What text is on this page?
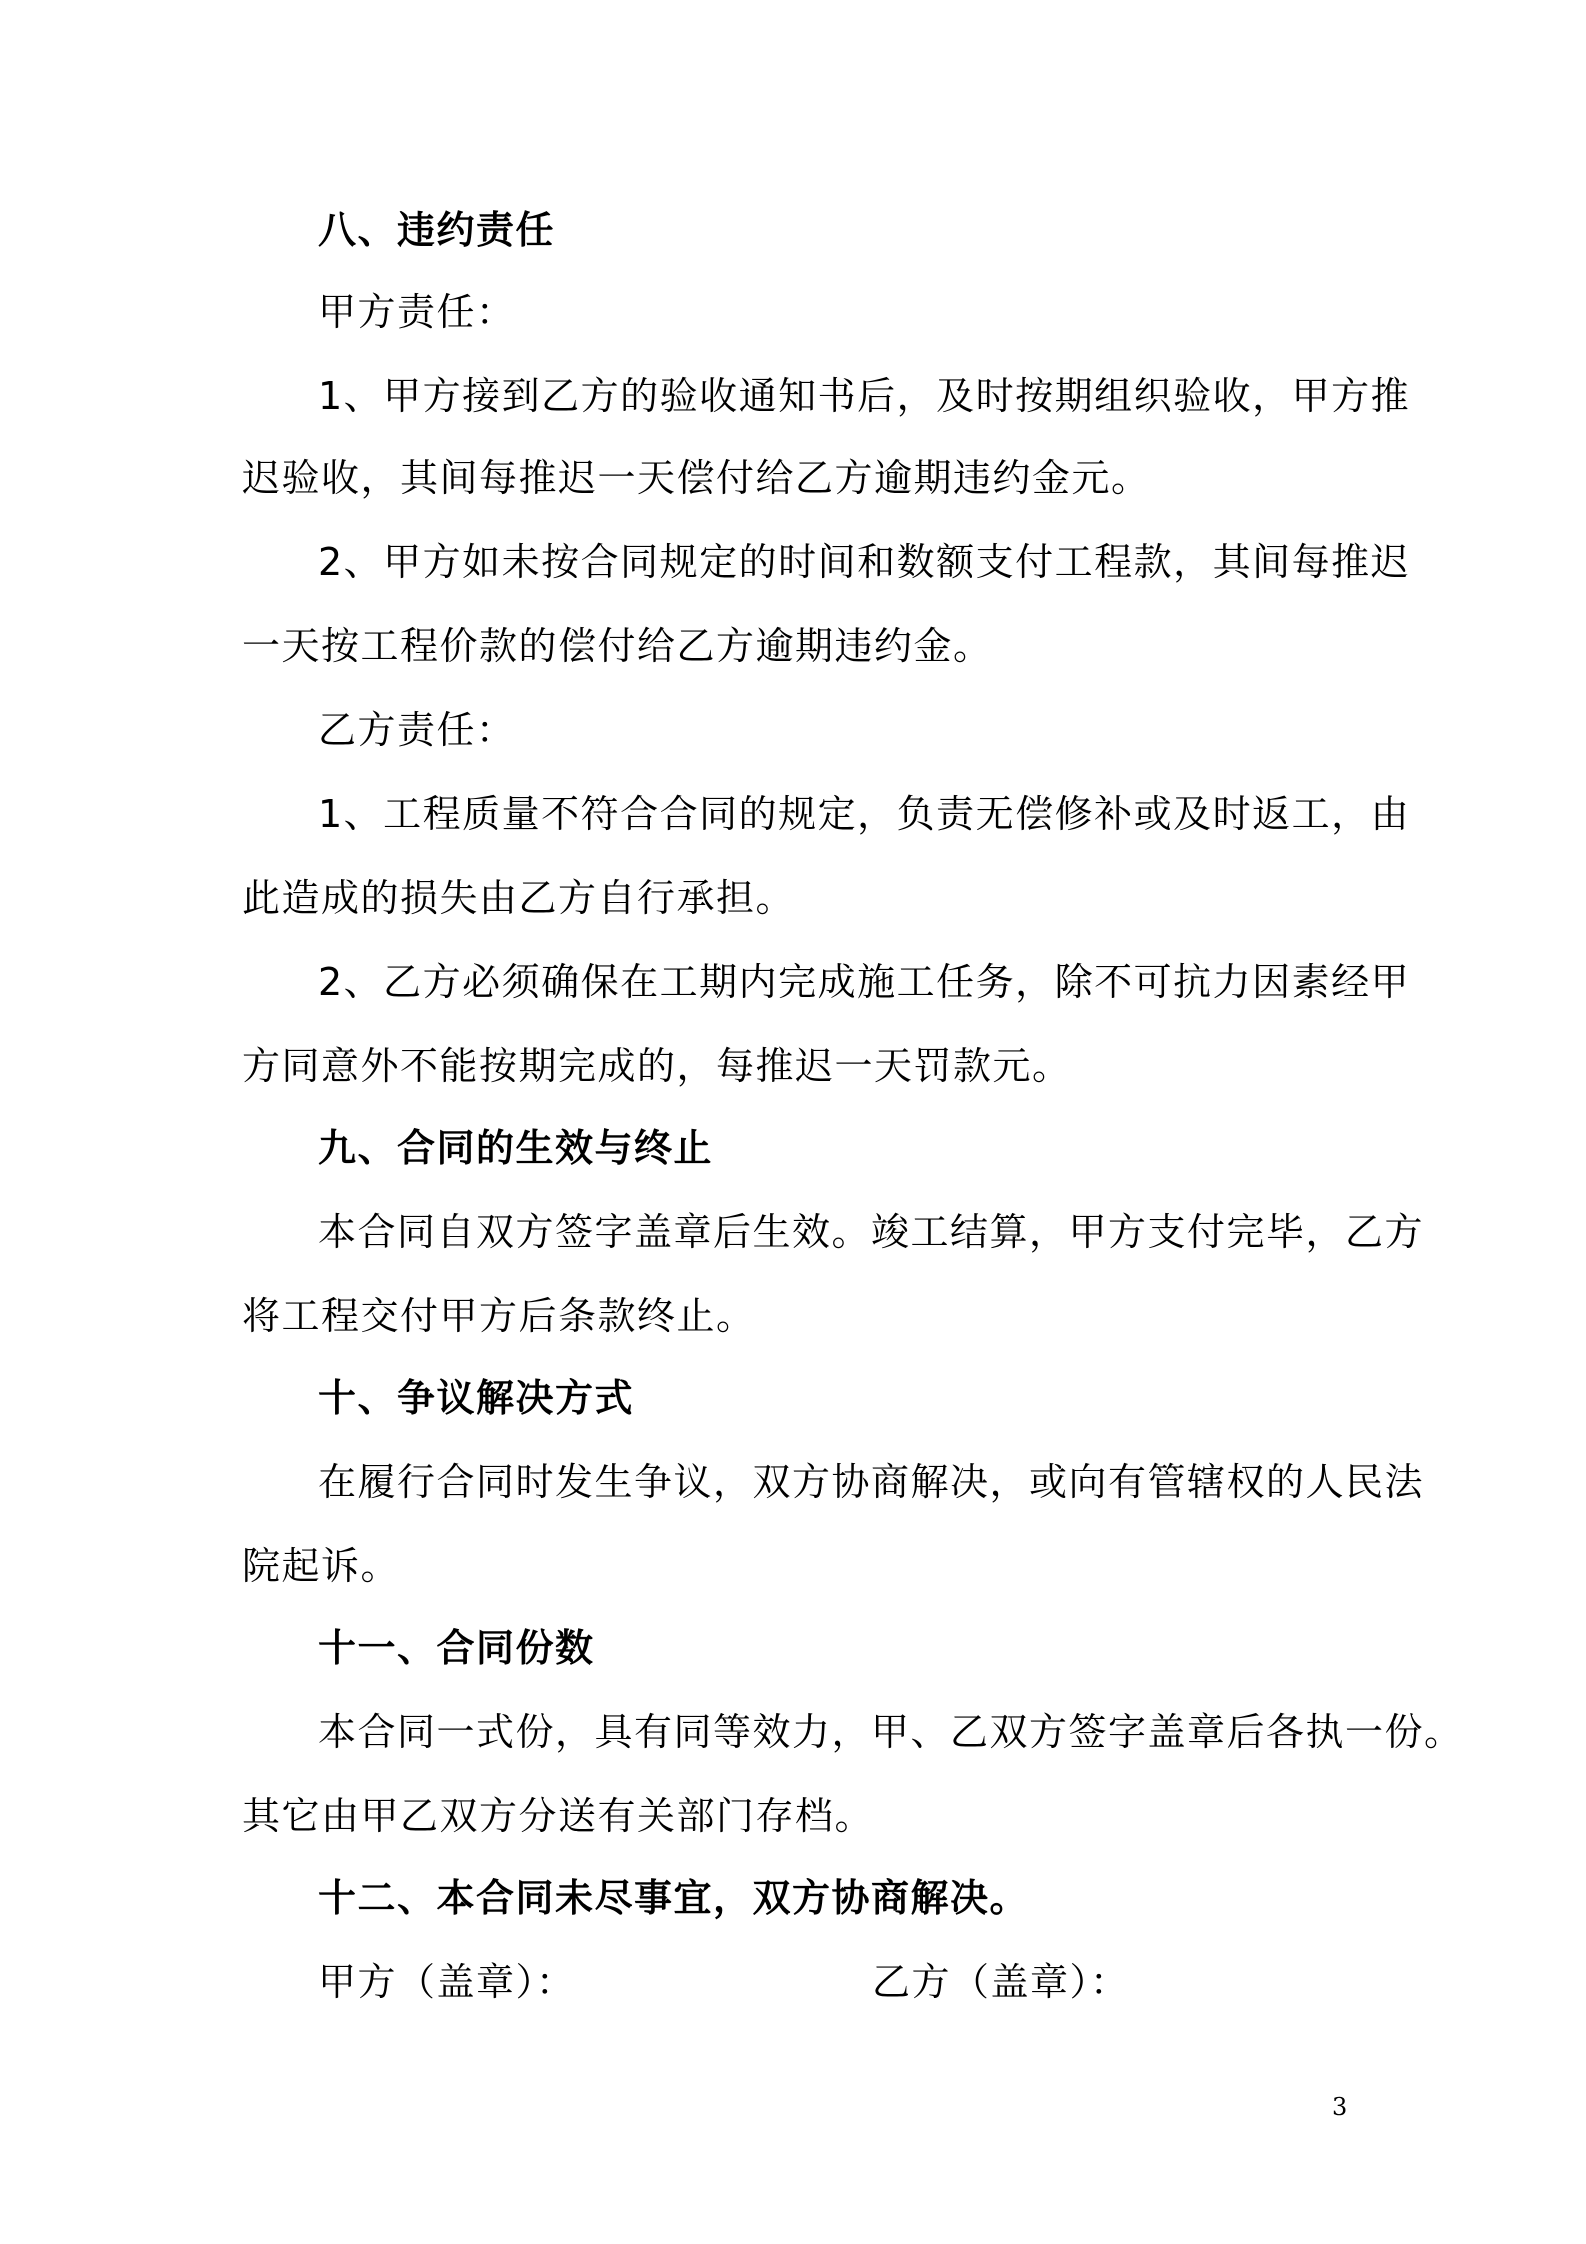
八、违约责任
甲方责任：
1、甲方接到乙方的验收通知书后，及时按期组织验收，甲方推
迟验收，其间每推迟一天偿付给乙方逾期违约金元。
2、甲方如未按合同规定的时间和数额支付工程款，其间每推迟
一天按工程价款的偿付给乙方逾期违约金。
乙方责任：
1、工程质量不符合合同的规定，负责无偿修补或及时返工，由
此造成的损失由乙方自行承担。
2、乙方必须确保在工期内完成施工任务，除不可抗力因素经甲
方同意外不能按期完成的，每推迟一天罚款元。
九、合同的生效与终止
本合同自双方签字盖章后生效。竣工结算，甲方支付完毕，乙方
将工程交付甲方后条款终止。
十、争议解决方式
在履行合同时发生争议，双方协商解决，或向有管辖权的人民法
院起诉。
十一、合同份数
本合同一式份，具有同等效力，甲、乙双方签字盖章后各执一份。
其它由甲乙双方分送有关部门存档。
十二、本合同未尽事宜，双方协商解决。
甲方（盖章）：	乙方（盖章）：
3
